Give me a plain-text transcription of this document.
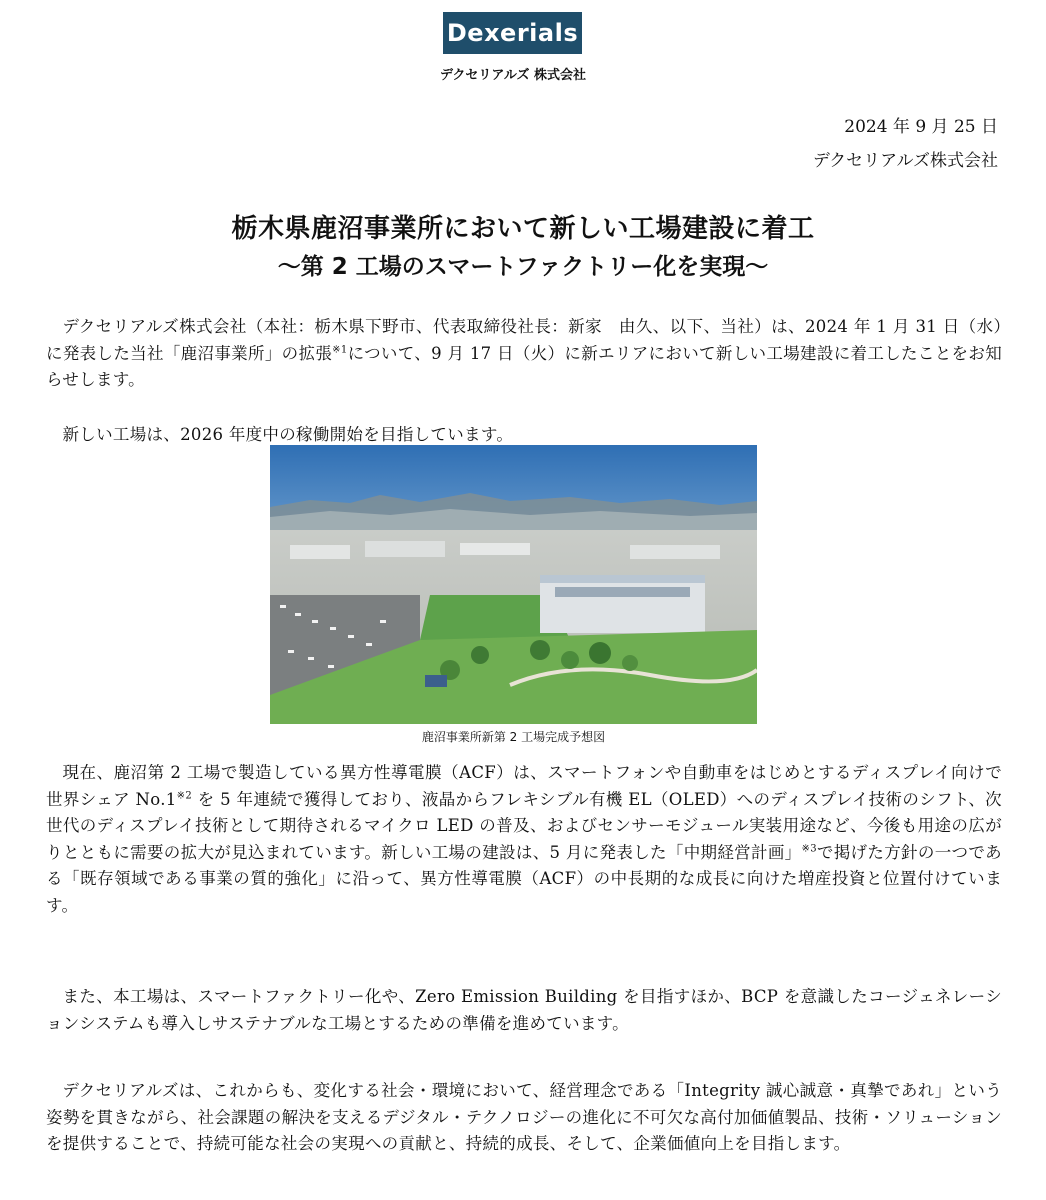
Dexerials
デクセリアルズ 株式会社
2024 年 9 月 25 日
デクセリアルズ株式会社
栃木県鹿沼事業所において新しい工場建設に着工
～第 2 工場のスマートファクトリー化を実現～

デクセリアルズ株式会社（本社：栃木県下野市、代表取締役社長：新家　由久、以下、当社）は、2024 年 1 月 31 日（水）に発表した当社「鹿沼事業所」の拡張$^{※1}$について、9 月 17 日（火）に新エリアにおいて新しい工場建設に着工したことをお知らせします。

新しい工場は、2026 年度中の稼働開始を目指しています。

鹿沼事業所新第 2 工場完成予想図

現在、鹿沼第 2 工場で製造している異方性導電膜（ACF）は、スマートフォンや自動車をはじめとするディスプレイ向けで世界シェア No.1$^{※2}$ を 5 年連続で獲得しており、液晶からフレキシブル有機 EL（OLED）へのディスプレイ技術のシフト、次世代のディスプレイ技術として期待されるマイクロ LED の普及、およびセンサーモジュール実装用途など、今後も用途の広がりとともに需要の拡大が見込まれています。新しい工場の建設は、5 月に発表した「中期経営計画」$^{※3}$で掲げた方針の一つである「既存領域である事業の質的強化」に沿って、異方性導電膜（ACF）の中長期的な成長に向けた増産投資と位置付けています。

また、本工場は、スマートファクトリー化や、Zero Emission Building を目指すほか、BCP を意識したコージェネレーションシステムも導入しサステナブルな工場とするための準備を進めています。

デクセリアルズは、これからも、変化する社会・環境において、経営理念である「Integrity 誠心誠意・真摯であれ」という姿勢を貫きながら、社会課題の解決を支えるデジタル・テクノロジーの進化に不可欠な高付加価値製品、技術・ソリューションを提供することで、持続可能な社会の実現への貢献と、持続的成長、そして、企業価値向上を目指します。
